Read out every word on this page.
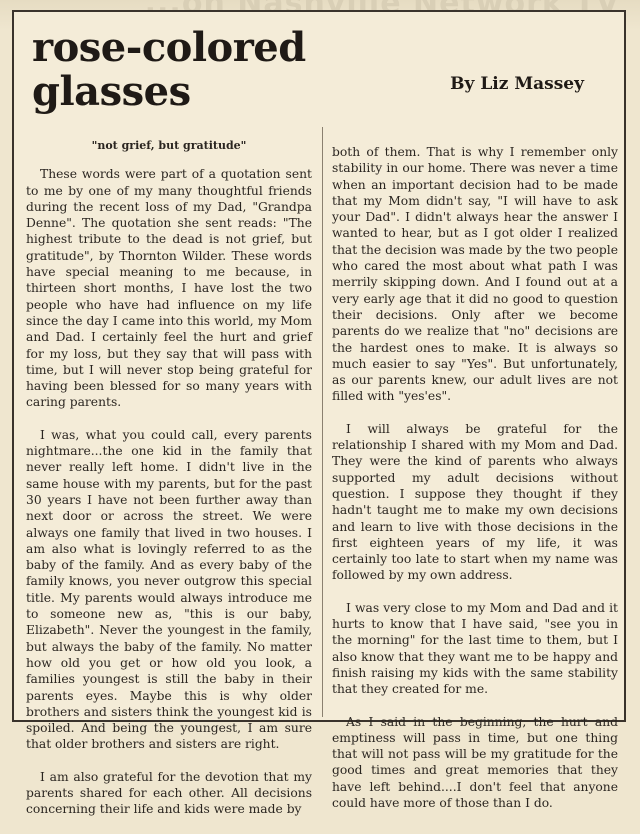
rose-colored
glasses	By Liz Massey
"not grief, but gratitude"

These words were part of a quotation sent to me by one of my many thoughtful friends during the recent loss of my Dad, "Grandpa Denne". The quotation she sent reads: "The highest tribute to the dead is not grief, but gratitude", by Thornton Wilder. These words have special meaning to me because, in thirteen short months, I have lost the two people who have had influence on my life since the day I came into this world, my Mom and Dad. I certainly feel the hurt and grief for my loss, but they say that will pass with time, but I will never stop being grateful for having been blessed for so many years with caring parents.

I was, what you could call, every parents nightmare...the one kid in the family that never really left home. I didn't live in the same house with my parents, but for the past 30 years I have not been further away than next door or across the street. We were always one family that lived in two houses. I am also what is lovingly referred to as the baby of the family. And as every baby of the family knows, you never outgrow this special title. My parents would always introduce me to someone new as, "this is our baby, Elizabeth". Never the youngest in the family, but always the baby of the family. No matter how old you get or how old you look, a families youngest is still the baby in their parents eyes. Maybe this is why older brothers and sisters think the youngest kid is spoiled. And being the youngest, I am sure that older brothers and sisters are right.

I am also grateful for the devotion that my parents shared for each other. All decisions concerning their life and kids were made by

both of them. That is why I remember only stability in our home. There was never a time when an important decision had to be made that my Mom didn't say, "I will have to ask your Dad". I didn't always hear the answer I wanted to hear, but as I got older I realized that the decision was made by the two people who cared the most about what path I was merrily skipping down. And I found out at a very early age that it did no good to question their decisions. Only after we become parents do we realize that "no" decisions are the hardest ones to make. It is always so much easier to say "Yes". But unfortunately, as our parents knew, our adult lives are not filled with "yes'es".

I will always be grateful for the relationship I shared with my Mom and Dad. They were the kind of parents who always supported my adult decisions without question. I suppose they thought if they hadn't taught me to make my own decisions and learn to live with those decisions in the first eighteen years of my life, it was certainly too late to start when my name was followed by my own address.

I was very close to my Mom and Dad and it hurts to know that I have said, "see you in the morning" for the last time to them, but I also know that they want me to be happy and finish raising my kids with the same stability that they created for me.

As I said in the beginning, the hurt and emptiness will pass in time, but one thing that will not pass will be my gratitude for the good times and great memories that they have left behind....I don't feel that anyone could have more of those than I do.
